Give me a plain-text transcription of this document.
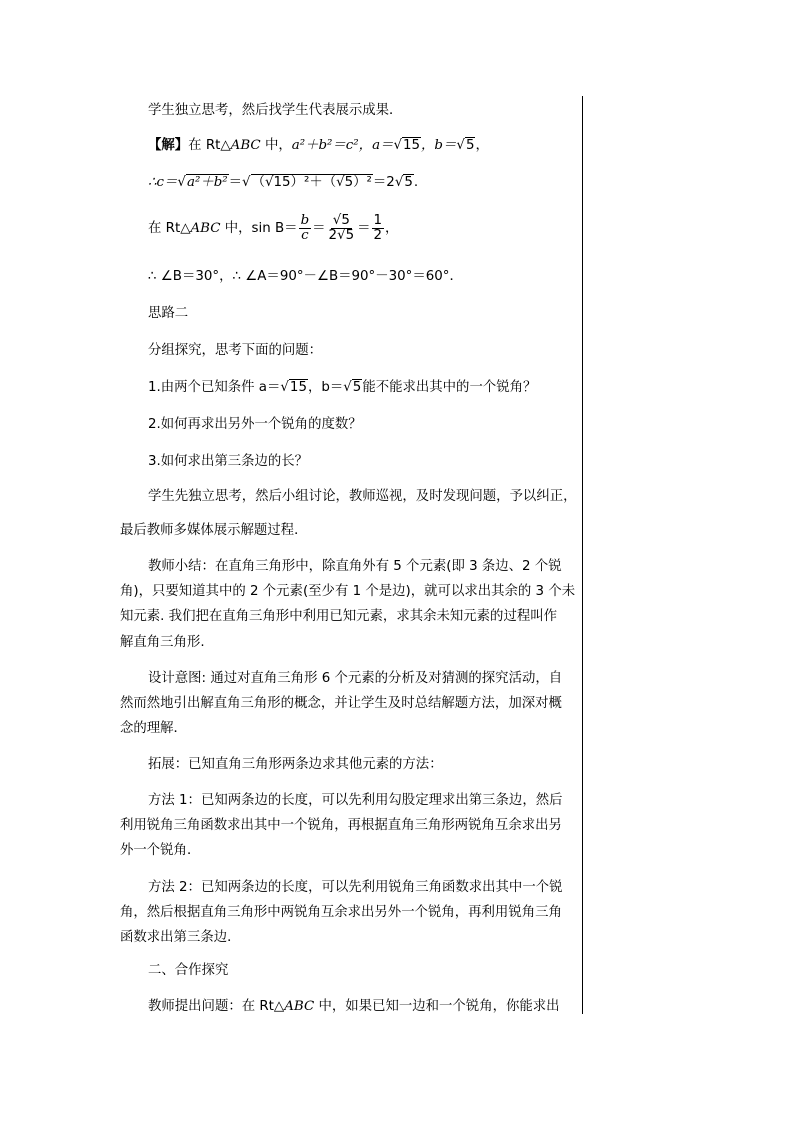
学生独立思考，然后找学生代表展示成果．
【解】在 Rt△ABC 中，a²＋b²＝c²，a＝√15，b＝√5，
∴c＝√a²＋b²＝√（√15）²＋（√5）²＝2√5.
在 Rt△ABC 中，$\sin B= \frac{b}{c} = \frac{√5}{2√5} = \frac{1}{2}$ ，
∴ ∠B＝30°，∴ ∠A＝90°－∠B＝90°－30°＝60°．
思路二
分组探究，思考下面的问题：
1.由两个已知条件 a＝√15，b＝√5能不能求出其中的一个锐角？
2.如何再求出另外一个锐角的度数？
3.如何求出第三条边的长？
学生先独立思考，然后小组讨论，教师巡视，及时发现问题，予以纠正，
最后教师多媒体展示解题过程．
教师小结：在直角三角形中，除直角外有 5 个元素(即 3 条边、2 个锐
角)，只要知道其中的 2 个元素(至少有 1 个是边)，就可以求出其余的 3 个未
知元素. 我们把在直角三角形中利用已知元素，求其余未知元素的过程叫作
解直角三角形.
设计意图: 通过对直角三角形 6 个元素的分析及对猜测的探究活动，自
然而然地引出解直角三角形的概念，并让学生及时总结解题方法，加深对概
念的理解．
拓展：已知直角三角形两条边求其他元素的方法：
方法 1：已知两条边的长度，可以先利用勾股定理求出第三条边，然后
利用锐角三角函数求出其中一个锐角，再根据直角三角形两锐角互余求出另
外一个锐角．
方法 2：已知两条边的长度，可以先利用锐角三角函数求出其中一个锐
角，然后根据直角三角形中两锐角互余求出另外一个锐角，再利用锐角三角
函数求出第三条边．
二、合作探究
教师提出问题：在 Rt△ABC 中，如果已知一边和一个锐角，你能求出
